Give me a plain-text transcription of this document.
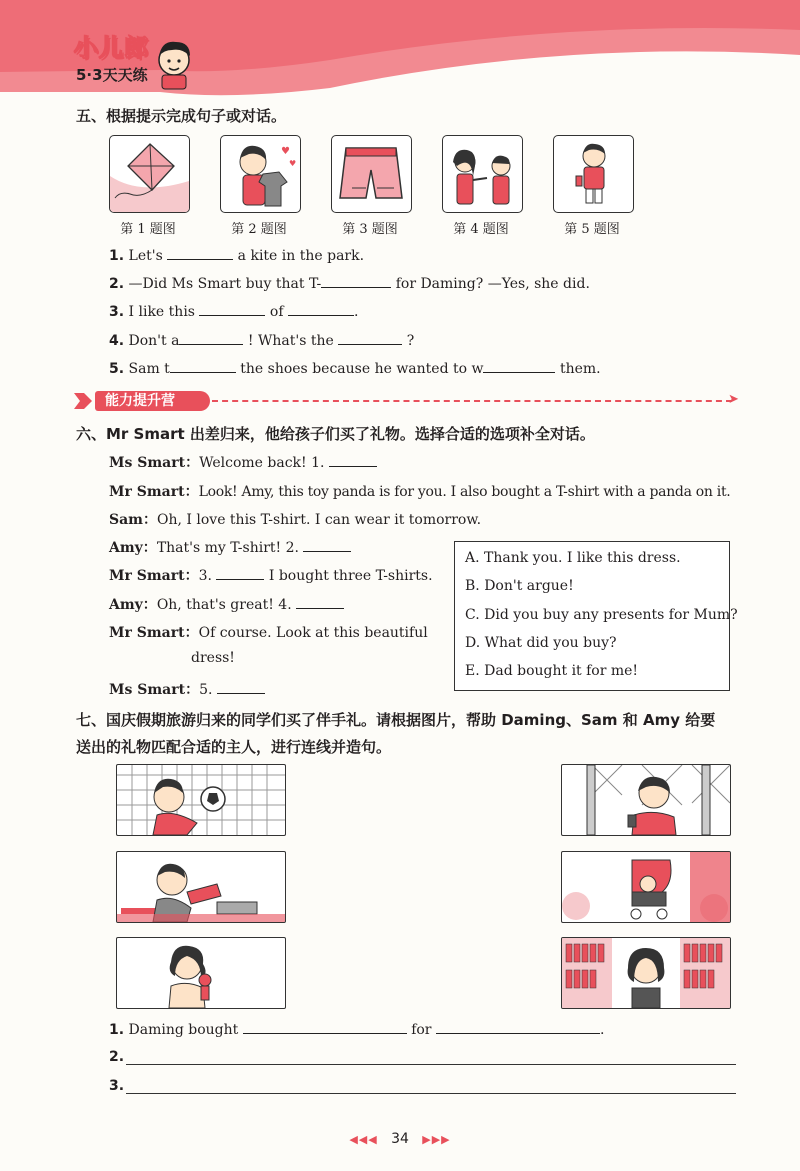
小儿郎
5·3天天练
五、根据提示完成句子或对话。
♥
♥
第 1 题图	第 2 题图	第 3 题图	第 4 题图	第 5 题图
1. Let's	a kite in the park.
2. —Did Ms Smart buy that T-	for Daming? —Yes, she did.
3. I like this	of	.
4. Don't a	! What's the	?
5. Sam t	the shoes because he wanted to w	them.
能力提升营	➤
六、Mr Smart 出差归来，他给孩子们买了礼物。选择合适的选项补全对话。
Ms Smart：Welcome back! 1.
Mr Smart：Look! Amy, this toy panda is for you. I also bought a T-shirt with a panda on it.
Sam：Oh, I love this T-shirt. I can wear it tomorrow.
Amy：That's my T-shirt! 2.
Mr Smart：3.	I bought three T-shirts.
Amy：Oh, that's great! 4.
Mr Smart：Of course. Look at this beautiful
dress!
Ms Smart：5.
A. Thank you. I like this dress.
B. Don't argue!
C. Did you buy any presents for Mum?
D. What did you buy?
E. Dad bought it for me!
七、国庆假期旅游归来的同学们买了伴手礼。请根据图片，帮助 Daming、Sam 和 Amy 给要
送出的礼物匹配合适的主人，进行连线并造句。
1. Daming bought	for	.
2.
3.
◀◀◀ 34 ▶▶▶
